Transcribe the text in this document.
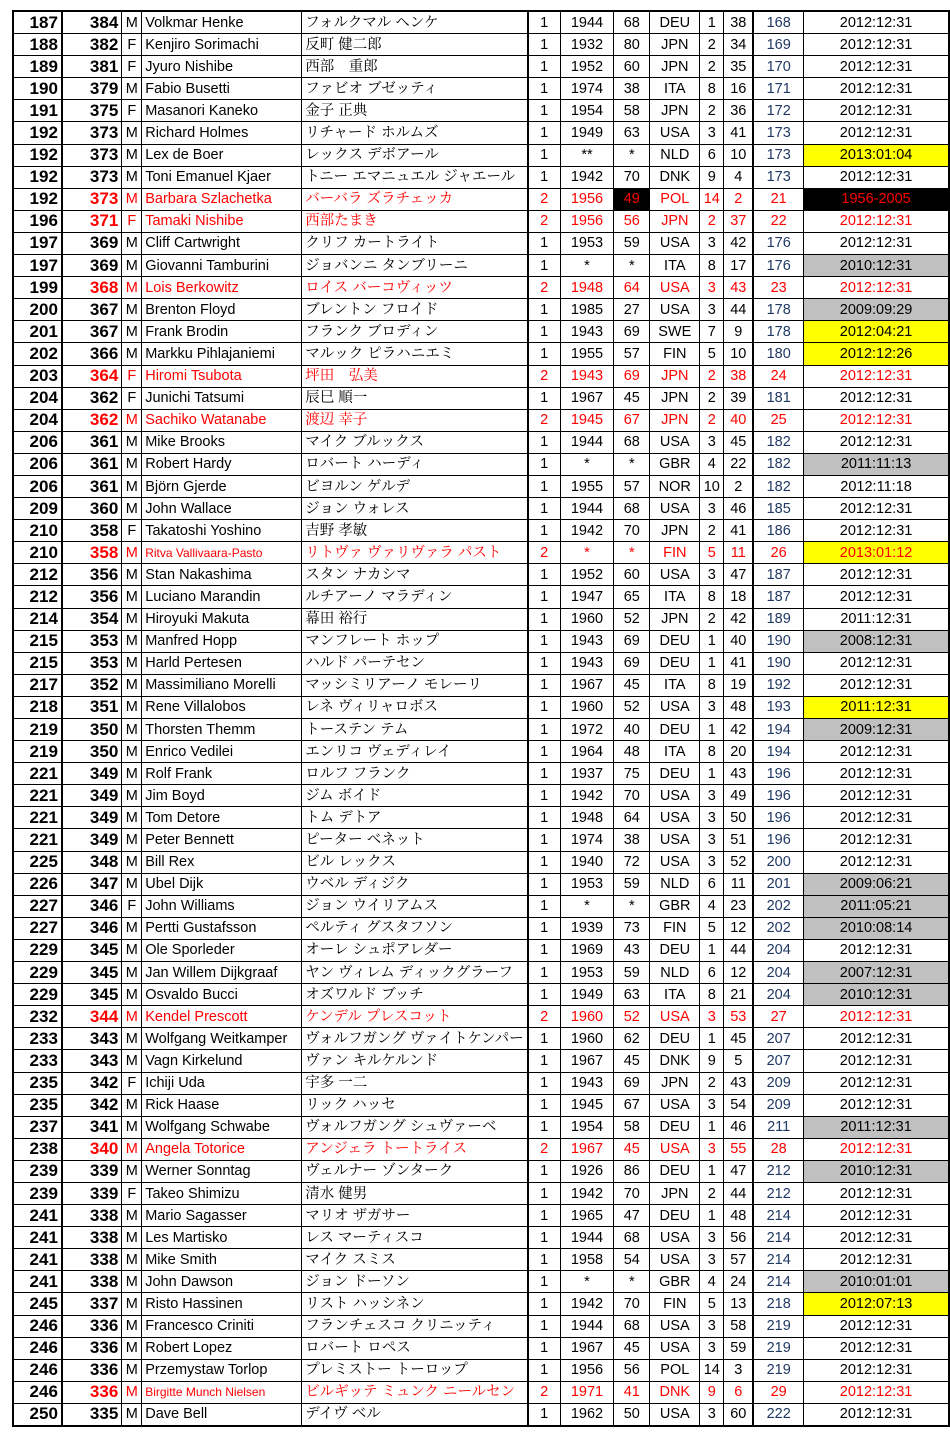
187	384	M	Volkmar Henke	フォルクマル ヘンケ	1	1944	68	DEU	1	38	168	2012:12:31
188	382	F	Kenjiro Sorimachi	反町 健二郎	1	1932	80	JPN	2	34	169	2012:12:31
189	381	F	Jyuro Nishibe	西部　重郎	1	1952	60	JPN	2	35	170	2012:12:31
190	379	M	Fabio Busetti	ファビオ ブゼッティ	1	1974	38	ITA	8	16	171	2012:12:31
191	375	F	Masanori Kaneko	金子 正典	1	1954	58	JPN	2	36	172	2012:12:31
192	373	M	Richard Holmes	リチャード ホルムズ	1	1949	63	USA	3	41	173	2012:12:31
192	373	M	Lex de Boer	レックス デボアール	1	**	*	NLD	6	10	173	2013:01:04
192	373	M	Toni Emanuel Kjaer	トニー エマニュエル ジャエール	1	1942	70	DNK	9	4	173	2012:12:31
192	373	M	Barbara Szlachetka	バーバラ ズラチェッカ	2	1956	49	POL	14	2	21	1956-2005
196	371	F	Tamaki Nishibe	西部たまき	2	1956	56	JPN	2	37	22	2012:12:31
197	369	M	Cliff Cartwright	クリフ カートライト	1	1953	59	USA	3	42	176	2012:12:31
197	369	M	Giovanni Tamburini	ジョバンニ タンブリーニ	1	*	*	ITA	8	17	176	2010:12:31
199	368	M	Lois Berkowitz	ロイス バーコヴィッツ	2	1948	64	USA	3	43	23	2012:12:31
200	367	M	Brenton Floyd	ブレントン フロイド	1	1985	27	USA	3	44	178	2009:09:29
201	367	M	Frank Brodin	フランク ブロディン	1	1943	69	SWE	7	9	178	2012:04:21
202	366	M	Markku Pihlajaniemi	マルック ピラハニエミ	1	1955	57	FIN	5	10	180	2012:12:26
203	364	F	Hiromi Tsubota	坪田　弘美	2	1943	69	JPN	2	38	24	2012:12:31
204	362	F	Junichi Tatsumi	辰巳 順一	1	1967	45	JPN	2	39	181	2012:12:31
204	362	M	Sachiko Watanabe	渡辺 幸子	2	1945	67	JPN	2	40	25	2012:12:31
206	361	M	Mike Brooks	マイク ブルックス	1	1944	68	USA	3	45	182	2012:12:31
206	361	M	Robert Hardy	ロバート ハーディ	1	*	*	GBR	4	22	182	2011:11:13
206	361	M	Björn Gjerde	ビヨルン ゲルデ	1	1955	57	NOR	10	2	182	2012:11:18
209	360	M	John Wallace	ジョン ウォレス	1	1944	68	USA	3	46	185	2012:12:31
210	358	F	Takatoshi Yoshino	吉野 孝敏	1	1942	70	JPN	2	41	186	2012:12:31
210	358	M	Ritva Vallivaara-Pasto	リトヴァ ヴァリヴァラ パスト	2	*	*	FIN	5	11	26	2013:01:12
212	356	M	Stan Nakashima	スタン ナカシマ	1	1952	60	USA	3	47	187	2012:12:31
212	356	M	Luciano Marandin	ルチアーノ マラディン	1	1947	65	ITA	8	18	187	2012:12:31
214	354	M	Hiroyuki Makuta	幕田 裕行	1	1960	52	JPN	2	42	189	2011:12:31
215	353	M	Manfred Hopp	マンフレート ホップ	1	1943	69	DEU	1	40	190	2008:12:31
215	353	M	Harld Pertesen	ハルド パーテセン	1	1943	69	DEU	1	41	190	2012:12:31
217	352	M	Massimiliano Morelli	マッシミリアーノ モレーリ	1	1967	45	ITA	8	19	192	2012:12:31
218	351	M	Rene Villalobos	レネ ヴィリャロボス	1	1960	52	USA	3	48	193	2011:12:31
219	350	M	Thorsten Themm	トーステン テム	1	1972	40	DEU	1	42	194	2009:12:31
219	350	M	Enrico Vedilei	エンリコ ヴェディレイ	1	1964	48	ITA	8	20	194	2012:12:31
221	349	M	Rolf Frank	ロルフ フランク	1	1937	75	DEU	1	43	196	2012:12:31
221	349	M	Jim Boyd	ジム ボイド	1	1942	70	USA	3	49	196	2012:12:31
221	349	M	Tom Detore	トム デトア	1	1948	64	USA	3	50	196	2012:12:31
221	349	M	Peter Bennett	ピーター ベネット	1	1974	38	USA	3	51	196	2012:12:31
225	348	M	Bill Rex	ビル レックス	1	1940	72	USA	3	52	200	2012:12:31
226	347	M	Ubel Dijk	ウベル ディジク	1	1953	59	NLD	6	11	201	2009:06:21
227	346	F	John Williams	ジョン ウイリアムス	1	*	*	GBR	4	23	202	2011:05:21
227	346	M	Pertti Gustafsson	ペルティ グスタフソン	1	1939	73	FIN	5	12	202	2010:08:14
229	345	M	Ole Sporleder	オーレ シュポアレダー	1	1969	43	DEU	1	44	204	2012:12:31
229	345	M	Jan Willem Dijkgraaf	ヤン ヴィレム ディックグラーフ	1	1953	59	NLD	6	12	204	2007:12:31
229	345	M	Osvaldo Bucci	オズワルド ブッチ	1	1949	63	ITA	8	21	204	2010:12:31
232	344	M	Kendel Prescott	ケンデル プレスコット	2	1960	52	USA	3	53	27	2012:12:31
233	343	M	Wolfgang Weitkamper	ヴォルフガング ヴァイトケンパー	1	1960	62	DEU	1	45	207	2012:12:31
233	343	M	Vagn Kirkelund	ヴァン キルケルンド	1	1967	45	DNK	9	5	207	2012:12:31
235	342	F	Ichiji Uda	宇多 一二	1	1943	69	JPN	2	43	209	2012:12:31
235	342	M	Rick Haase	リック ハッセ	1	1945	67	USA	3	54	209	2012:12:31
237	341	M	Wolfgang Schwabe	ヴォルフガング シュヴァーベ	1	1954	58	DEU	1	46	211	2011:12:31
238	340	M	Angela Totorice	アンジェラ トートライス	2	1967	45	USA	3	55	28	2012:12:31
239	339	M	Werner Sonntag	ヴェルナー ゾンターク	1	1926	86	DEU	1	47	212	2010:12:31
239	339	F	Takeo Shimizu	清水 健男	1	1942	70	JPN	2	44	212	2012:12:31
241	338	M	Mario Sagasser	マリオ ザガサー	1	1965	47	DEU	1	48	214	2012:12:31
241	338	M	Les Martisko	レス マーティスコ	1	1944	68	USA	3	56	214	2012:12:31
241	338	M	Mike Smith	マイク スミス	1	1958	54	USA	3	57	214	2012:12:31
241	338	M	John Dawson	ジョン ドーソン	1	*	*	GBR	4	24	214	2010:01:01
245	337	M	Risto Hassinen	リスト ハッシネン	1	1942	70	FIN	5	13	218	2012:07:13
246	336	M	Francesco Criniti	フランチェスコ クリニッティ	1	1944	68	USA	3	58	219	2012:12:31
246	336	M	Robert Lopez	ロバート ロペス	1	1967	45	USA	3	59	219	2012:12:31
246	336	M	Przemystaw Torlop	プレミストー トーロップ	1	1956	56	POL	14	3	219	2012:12:31
246	336	M	Birgitte Munch Nielsen	ビルギッテ ミュンク ニールセン	2	1971	41	DNK	9	6	29	2012:12:31
250	335	M	Dave Bell	デイヴ ベル	1	1962	50	USA	3	60	222	2012:12:31
